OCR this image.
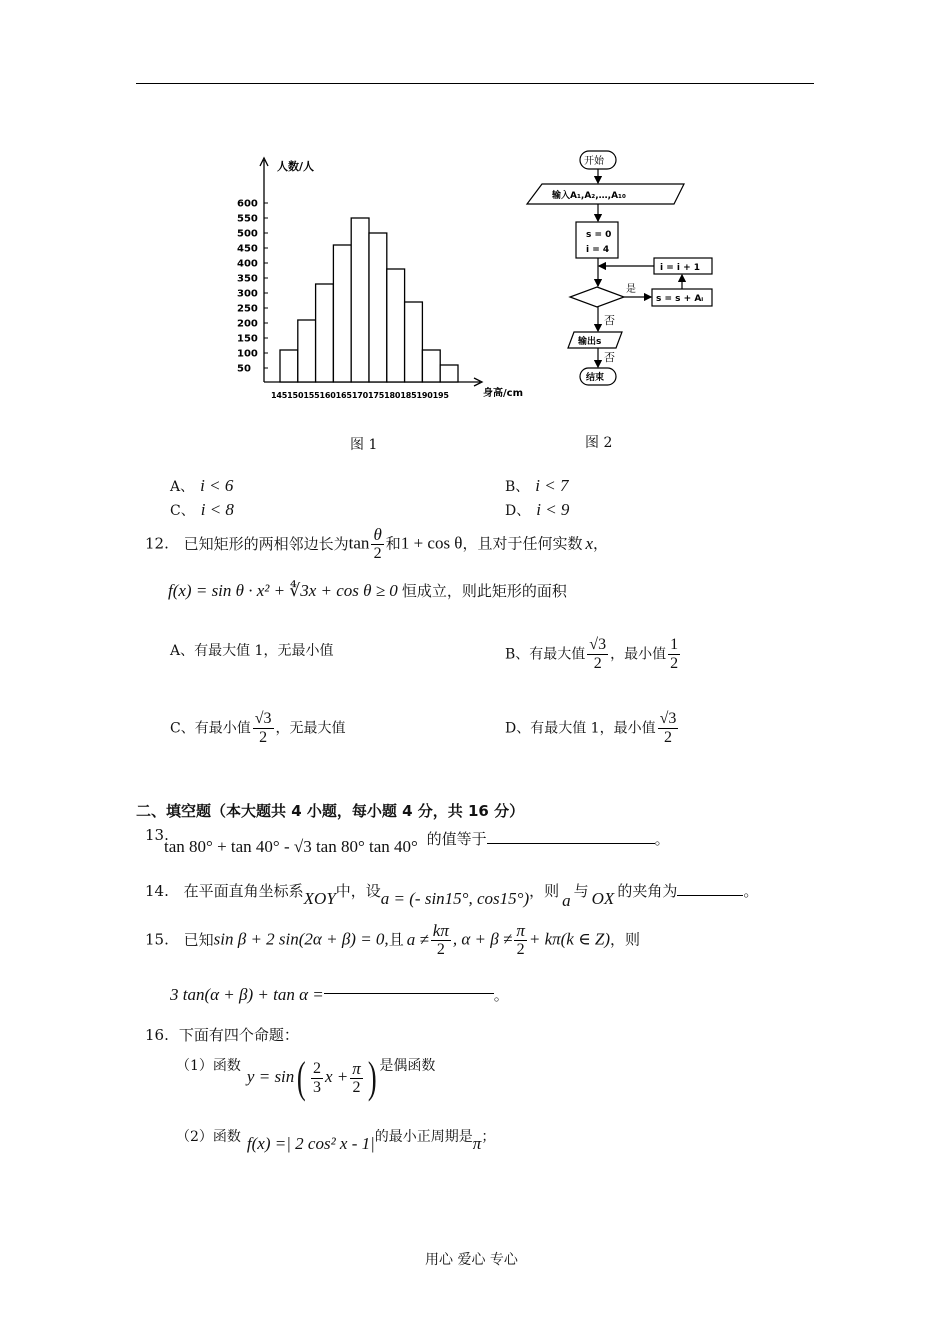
600
550
500
450
400
350
300
250
200
150
100
50
人数/人
145150155160165170175180185190195	身高/cm
图 1
开始
输入A₁,A₂,…,A₁₀
s = 0
i = 4
i = i + 1
是
s = s + Aᵢ
否
输出s
否
结束
图 2
A、 i < 6	B、 i < 7
C、 i < 8	D、 i < 9
12. 已知矩形的两相邻边长为$\tan \frac{\theta}{2}$ 和1 + cos θ，且对于任何实数 x，
f(x) = sin θ · x² + ∜3x + cos θ ≥ 0 恒成立，则此矩形的面积
A、有最大值 1，无最小值	B、有最大值 $\frac{√3}{2}$ ，最小值 $\frac{1}{2}$
C、有最小值 $\frac{√3}{2}$ ，无最大值	D、有最大值 1，最小值 $\frac{√3}{2}$
二、填空题（本大题共 4 小题，每小题 4 分，共 16 分）
13.
tan 80° + tan 40° - √3 tan 80° tan 40° 的值等于	。
14. 在平面直角坐标系XOY中，设a = (- sin15°, cos15°)，则 a 与 OX 的夹角为	。
15. 已知sin β + 2 sin(2α + β) = 0,且 $a \ne \frac{k\pi}{2}$ , $\alpha + \beta \ne \frac{\pi}{2} + k\pi(k$ ∈ Z)，则
3 tan(α + β) + tan α =	。
16. 下面有四个命题：
（1）函数$y = \sin( \frac{2}{3}$ $x + \frac{\pi}{2}$ ) 是偶函数
（2）函数 f(x) =| 2 cos² x - 1|的最小正周期是π；
用心 爱心 专心
